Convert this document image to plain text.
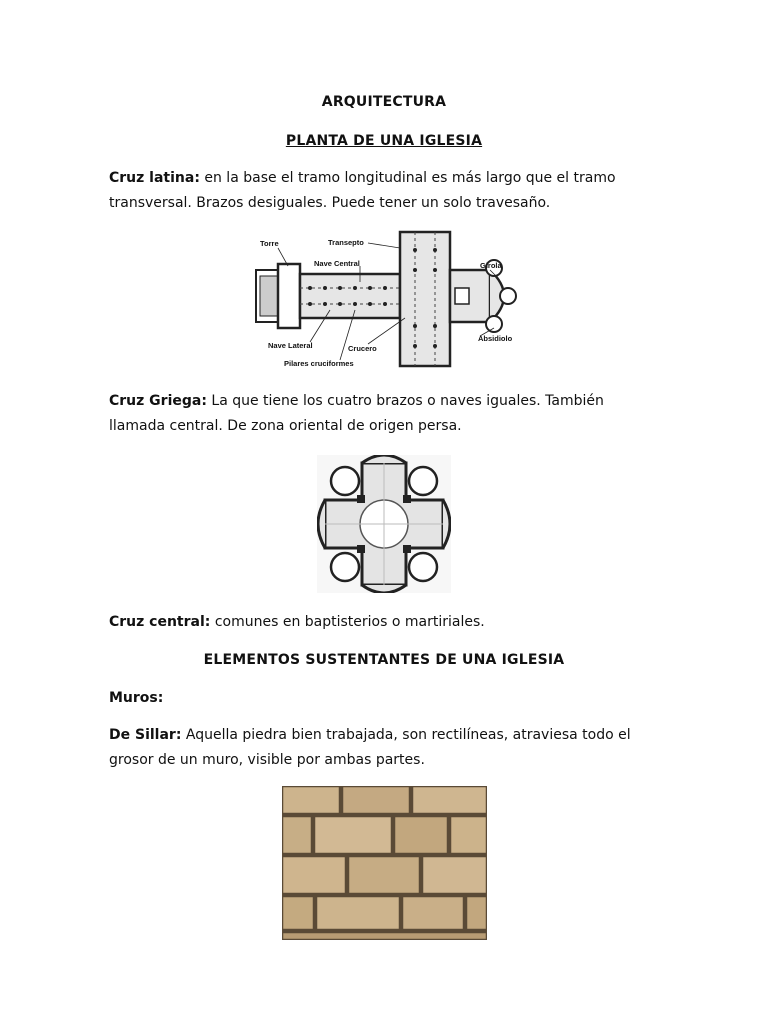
ARQUITECTURA
PLANTA DE UNA IGLESIA
Cruz latina: en la base el tramo longitudinal es más largo que el tramo transversal. Brazos desiguales. Puede tener un solo travesaño.
Torre	Transepto
Nave Central	Girola
Nave Lateral	Crucero
Absidiolo
Pilares cruciformes
Cruz Griega: La que tiene los cuatro brazos o naves iguales. También llamada central. De zona oriental de origen persa.
Cruz central: comunes en baptisterios o martiriales.
ELEMENTOS SUSTENTANTES DE UNA IGLESIA
Muros:
De Sillar: Aquella piedra bien trabajada, son rectilíneas, atraviesa todo el grosor de un muro, visible por ambas partes.
